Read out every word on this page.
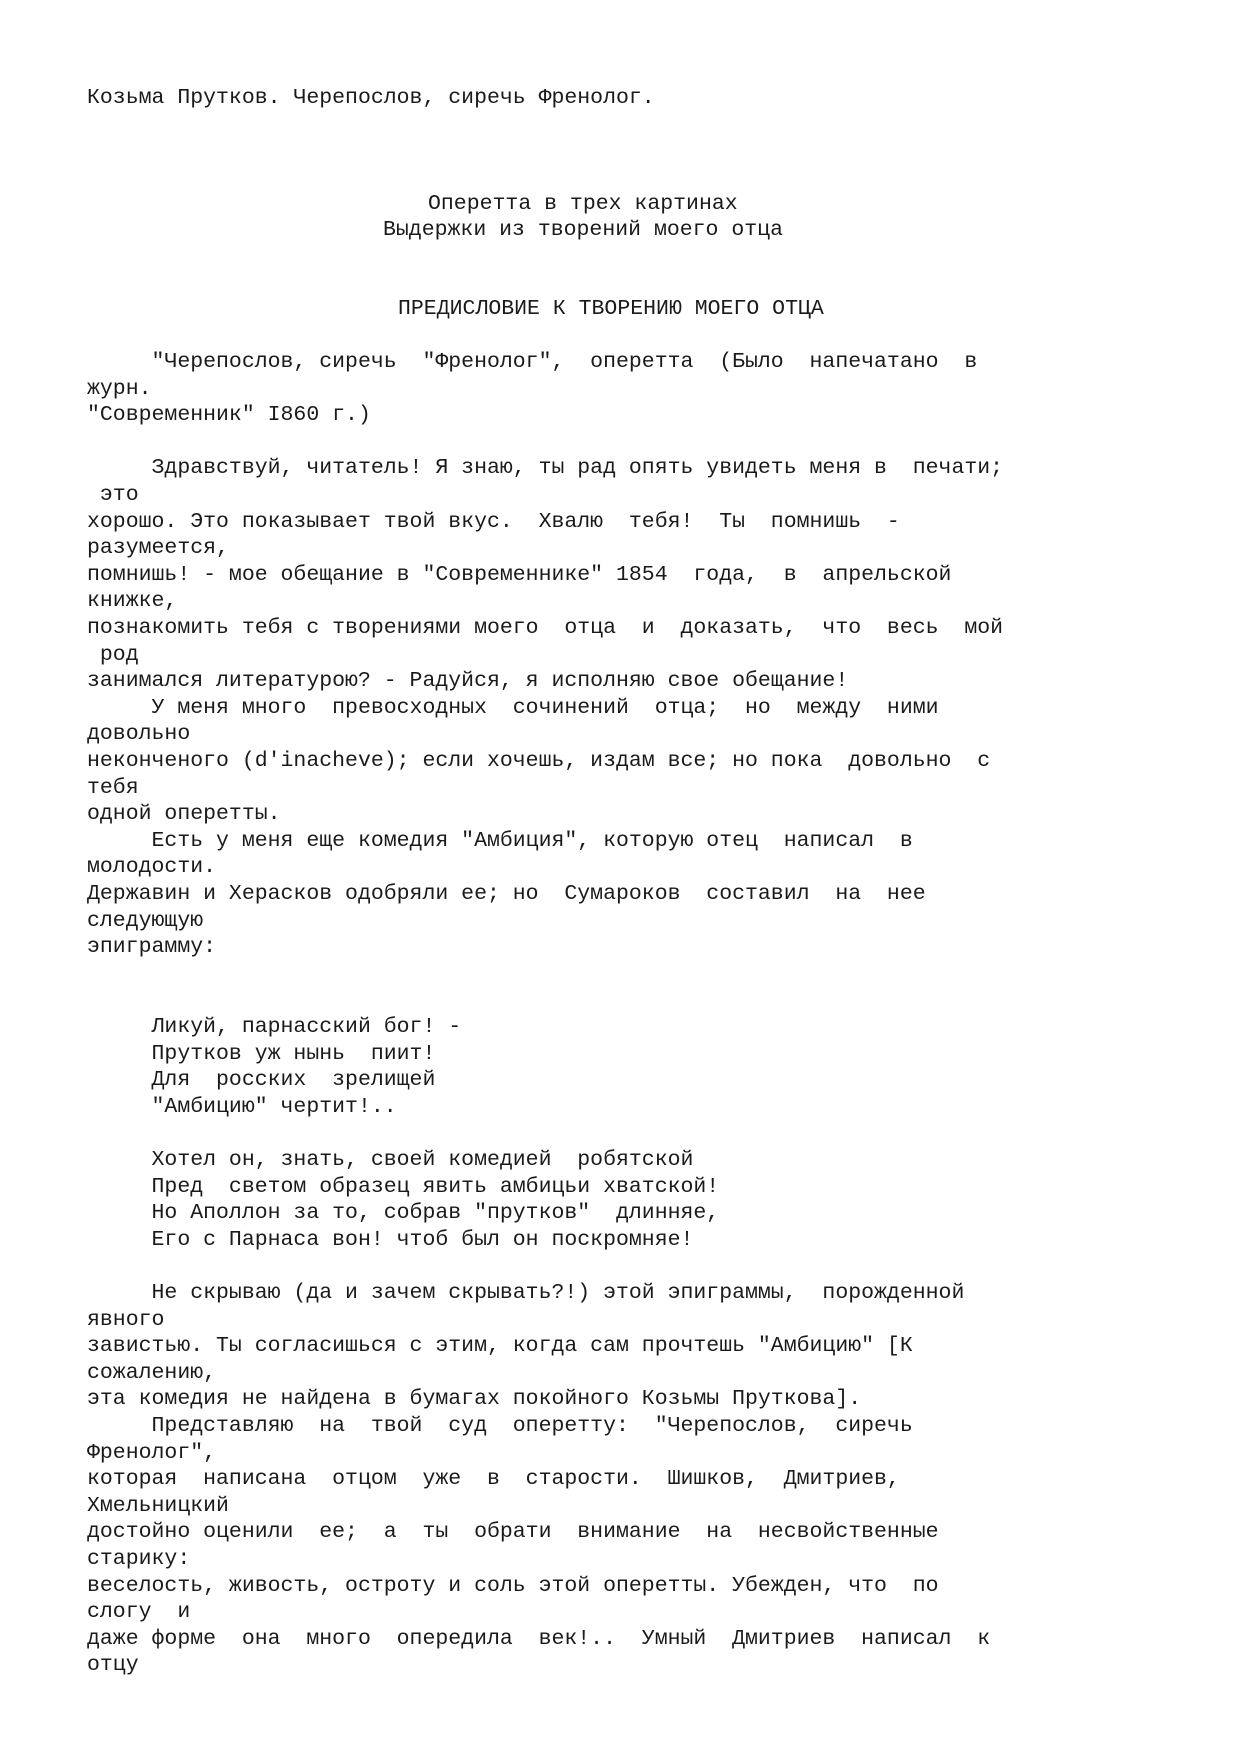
Козьма Прутков. Черепослов, сиречь Френолог.
Оперетта в трех картинах
Выдержки из творений моего отца
ПРЕДИСЛОВИЕ К ТВОРЕНИЮ МОЕГО ОТЦА
"Черепослов, сиречь  "Френолог",  оперетта  (Было  напечатано  в
журн.
"Современник" I860 г.)
Здравствуй, читатель! Я знаю, ты рад опять увидеть меня в  печати;
это
хорошо. Это показывает твой вкус.  Хвалю  тебя!  Ты  помнишь  -
разумеется,
помнишь! - мое обещание в "Современнике" 1854  года,  в  апрельской
книжке,
познакомить тебя с творениями моего  отца  и  доказать,  что  весь  мой
род
занимался литературою? - Радуйся, я исполняю свое обещание!
У меня много  превосходных  сочинений  отца;  но  между  ними
довольно
неконченого (d'inacheve); если хочешь, издам все; но пока  довольно  с
тебя
одной оперетты.
Есть у меня еще комедия "Амбиция", которую отец  написал  в
молодости.
Державин и Херасков одобряли ее; но  Сумароков  составил  на  нее
следующую
эпиграмму:
Ликуй, парнасский бог! -
Прутков уж нынь  пиит!
Для  росских  зрелищей
"Амбицию" чертит!..
Хотел он, знать, своей комедией  робятской
Пред  светом образец явить амбицьи хватской!
Но Аполлон за то, собрав "прутков"  длинняе,
Его с Парнаса вон! чтоб был он поскромняе!
Не скрываю (да и зачем скрывать?!) этой эпиграммы,  порожденной
явного
завистью. Ты согласишься с этим, когда сам прочтешь "Амбицию" [К
сожалению,
эта комедия не найдена в бумагах покойного Козьмы Пруткова].
Представляю  на  твой  суд  оперетту:  "Черепослов,  сиречь
Френолог",
которая  написана  отцом  уже  в  старости.  Шишков,  Дмитриев,
Хмельницкий
достойно оценили  ее;  а  ты  обрати  внимание  на  несвойственные
старику:
веселость, живость, остроту и соль этой оперетты. Убежден, что  по
слогу  и
даже форме  она  много  опередила  век!..  Умный  Дмитриев  написал  к
отцу
